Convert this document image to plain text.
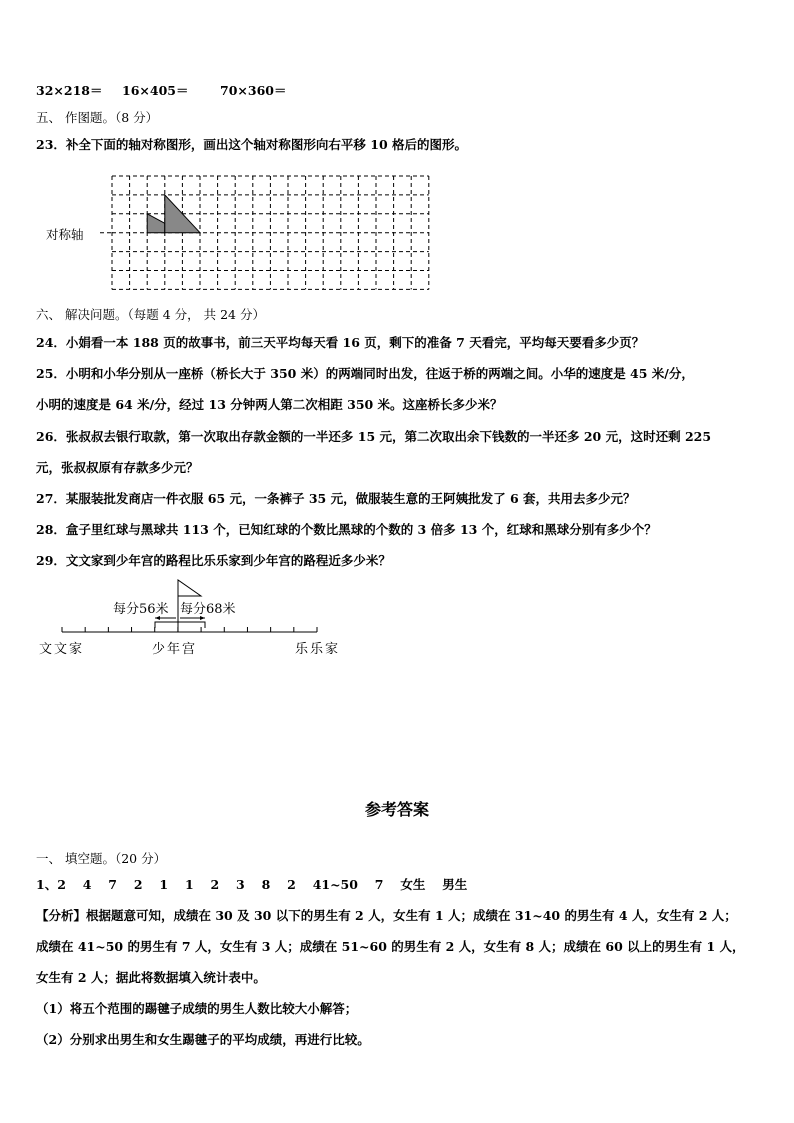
32×218＝ 16×405＝	70×360＝
五、 作图题。（8 分）
23．补全下面的轴对称图形，画出这个轴对称图形向右平移 10 格后的图形。
对称轴
六、 解决问题。（每题 4 分， 共 24 分）
24．小娟看一本 188 页的故事书，前三天平均每天看 16 页，剩下的准备 7 天看完，平均每天要看多少页？
25．小明和小华分别从一座桥（桥长大于 350 米）的两端同时出发，往返于桥的两端之间。小华的速度是 45 米/分，
小明的速度是 64 米/分，经过 13 分钟两人第二次相距 350 米。这座桥长多少米？
26．张叔叔去银行取款，第一次取出存款金额的一半还多 15 元，第二次取出余下钱数的一半还多 20 元，这时还剩 225
元，张叔叔原有存款多少元？
27．某服装批发商店一件衣服 65 元，一条裤子 35 元，做服装生意的王阿姨批发了 6 套，共用去多少元？
28．盒子里红球与黑球共 113 个，已知红球的个数比黑球的个数的 3 倍多 13 个，红球和黑球分别有多少个？
29．文文家到少年宫的路程比乐乐家到少年宫的路程近多少米？
每分56米 每分68米
文文家	少年宫	乐乐家
参考答案
一、 填空题。（20 分）
1、2　 4　 7　 2　 1　 1　 2　 3　 8　 2　 41~50　 7　 女生　 男生
【分析】根据题意可知，成绩在 30 及 30 以下的男生有 2 人，女生有 1 人；成绩在 31~40 的男生有 4 人，女生有 2 人；
成绩在 41~50 的男生有 7 人，女生有 3 人；成绩在 51~60 的男生有 2 人，女生有 8 人；成绩在 60 以上的男生有 1 人，
女生有 2 人；据此将数据填入统计表中。
（1）将五个范围的踢毽子成绩的男生人数比较大小解答；
（2）分别求出男生和女生踢毽子的平均成绩，再进行比较。
